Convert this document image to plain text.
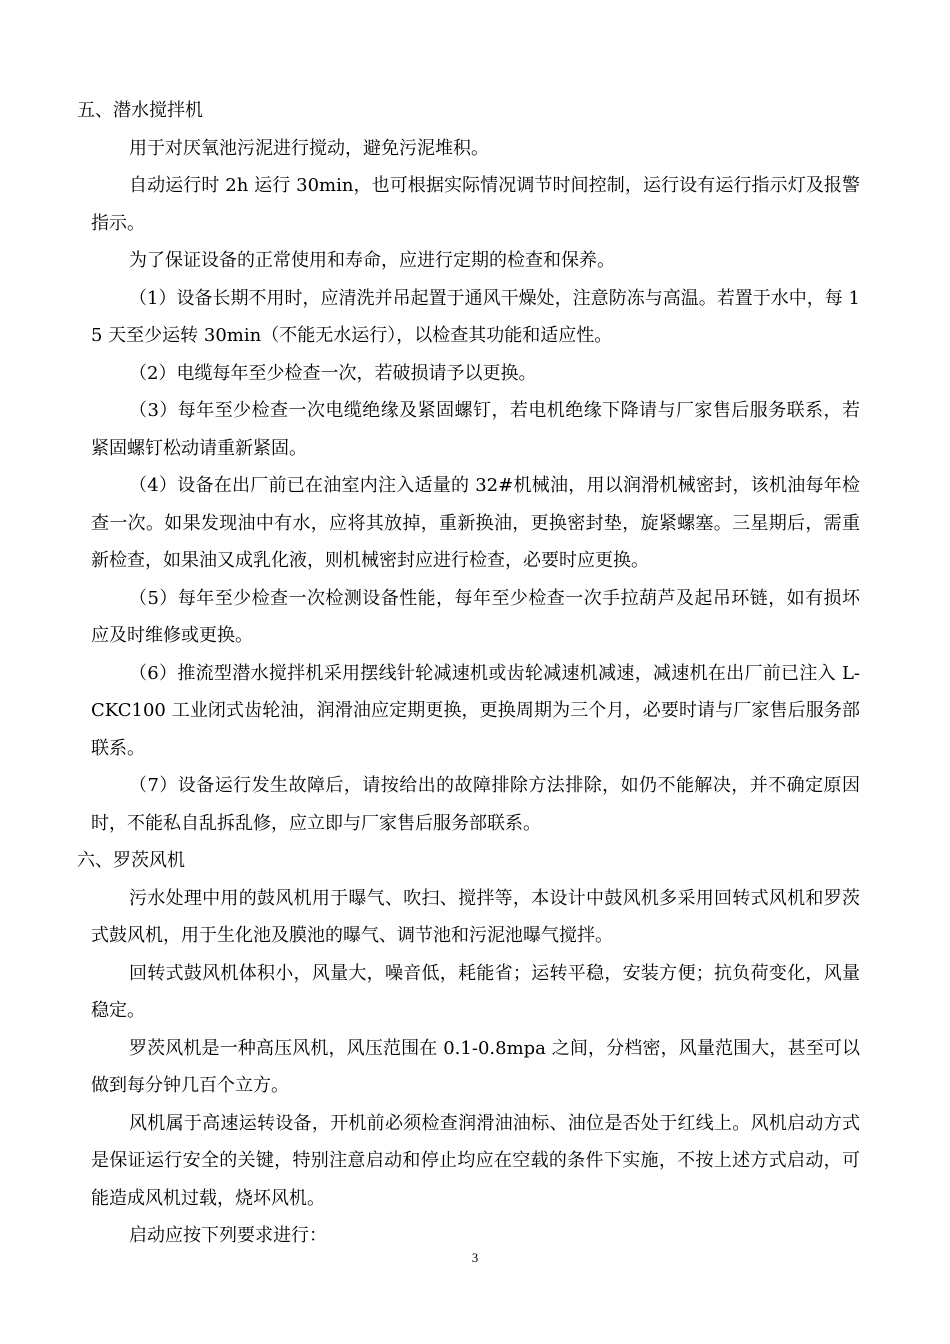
五、潜水搅拌机

用于对厌氧池污泥进行搅动，避免污泥堆积。

自动运行时 2h 运行 30min，也可根据实际情况调节时间控制，运行设有运行指示灯及报警指示。

为了保证设备的正常使用和寿命，应进行定期的检查和保养。

（1）设备长期不用时，应清洗并吊起置于通风干燥处，注意防冻与高温。若置于水中，每 15 天至少运转 30min（不能无水运行），以检查其功能和适应性。

（2）电缆每年至少检查一次，若破损请予以更换。

（3）每年至少检查一次电缆绝缘及紧固螺钉，若电机绝缘下降请与厂家售后服务联系，若紧固螺钉松动请重新紧固。

（4）设备在出厂前已在油室内注入适量的 32#机械油，用以润滑机械密封，该机油每年检查一次。如果发现油中有水，应将其放掉，重新换油，更换密封垫，旋紧螺塞。三星期后，需重新检查，如果油又成乳化液，则机械密封应进行检查，必要时应更换。

（5）每年至少检查一次检测设备性能，每年至少检查一次手拉葫芦及起吊环链，如有损坏应及时维修或更换。

（6）推流型潜水搅拌机采用摆线针轮减速机或齿轮减速机减速，减速机在出厂前已注入 L-CKC100 工业闭式齿轮油，润滑油应定期更换，更换周期为三个月，必要时请与厂家售后服务部联系。

（7）设备运行发生故障后，请按给出的故障排除方法排除，如仍不能解决，并不确定原因时，不能私自乱拆乱修，应立即与厂家售后服务部联系。

六、罗茨风机

污水处理中用的鼓风机用于曝气、吹扫、搅拌等，本设计中鼓风机多采用回转式风机和罗茨式鼓风机，用于生化池及膜池的曝气、调节池和污泥池曝气搅拌。

回转式鼓风机体积小，风量大，噪音低，耗能省；运转平稳，安装方便；抗负荷变化，风量稳定。

罗茨风机是一种高压风机，风压范围在 0.1-0.8mpa 之间，分档密，风量范围大，甚至可以做到每分钟几百个立方。

风机属于高速运转设备，开机前必须检查润滑油油标、油位是否处于红线上。风机启动方式是保证运行安全的关键，特别注意启动和停止均应在空载的条件下实施，不按上述方式启动，可能造成风机过载，烧坏风机。

启动应按下列要求进行：

3
